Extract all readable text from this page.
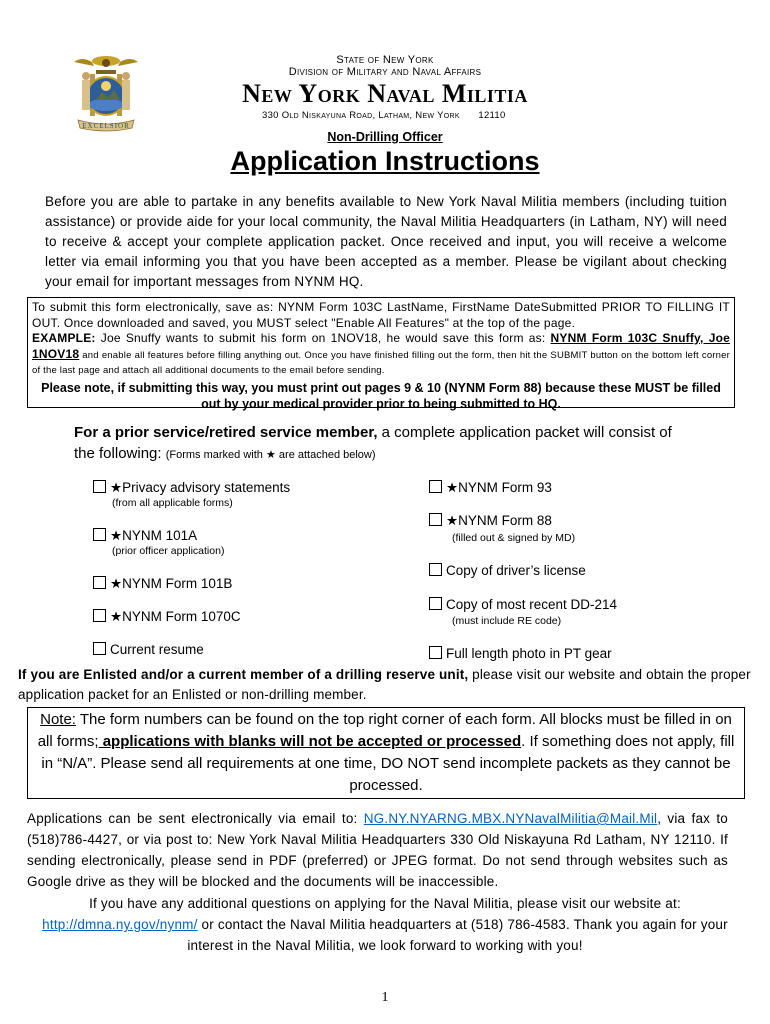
EXCELSIOR
State of New York
Division of Military and Naval Affairs
New York Naval Militia
330 Old Niskayuna Road, Latham, New York	12110
Non-Drilling Officer
Application Instructions
Before you are able to partake in any benefits available to New York Naval Militia members (including tuition assistance) or provide aide for your local community, the Naval Militia Headquarters (in Latham, NY) will need to receive & accept your complete application packet. Once received and input, you will receive a welcome letter via email informing you that you have been accepted as a member. Please be vigilant about checking your email for important messages from NYNM HQ.
To submit this form electronically, save as: NYNM Form 103C LastName, FirstName DateSubmitted PRIOR TO FILLING IT OUT. Once downloaded and saved, you MUST select "Enable All Features" at the top of the page.
EXAMPLE: Joe Snuffy wants to submit his form on 1NOV18, he would save this form as: NYNM Form 103C Snuffy, Joe 1NOV18 and enable all features before filling anything out. Once you have finished filling out the form, then hit the SUBMIT button on the bottom left corner of the last page and attach all additional documents to the email before sending.
Please note, if submitting this way, you must print out pages 9 & 10 (NYNM Form 88) because these MUST be filled out by your medical provider prior to being submitted to HQ.
For a prior service/retired service member, a complete application packet will consist of the following: (Forms marked with ★ are attached below)
★Privacy advisory statements
(from all applicable forms)
★NYNM 101A
(prior officer application)
★NYNM Form 101B
★NYNM Form 1070C
Current resume
★NYNM Form 93
★NYNM Form 88
(filled out & signed by MD)
Copy of driver’s license
Copy of most recent DD-214
(must include RE code)
Full length photo in PT gear
If you are Enlisted and/or a current member of a drilling reserve unit, please visit our website and obtain the proper application packet for an Enlisted or non-drilling member.
Note: The form numbers can be found on the top right corner of each form. All blocks must be filled in on all forms; applications with blanks will not be accepted or processed. If something does not apply, fill in “N/A”. Please send all requirements at one time, DO NOT send incomplete packets as they cannot be processed.
Applications can be sent electronically via email to: NG.NY.NYARNG.MBX.NYNavalMilitia@Mail.Mil, via fax to (518)786-4427, or via post to: New York Naval Militia Headquarters 330 Old Niskayuna Rd Latham, NY 12110. If sending electronically, please send in PDF (preferred) or JPEG format. Do not send through websites such as Google drive as they will be blocked and the documents will be inaccessible.
If you have any additional questions on applying for the Naval Militia, please visit our website at: http://dmna.ny.gov/nynm/ or contact the Naval Militia headquarters at (518) 786-4583. Thank you again for your interest in the Naval Militia, we look forward to working with you!
1
